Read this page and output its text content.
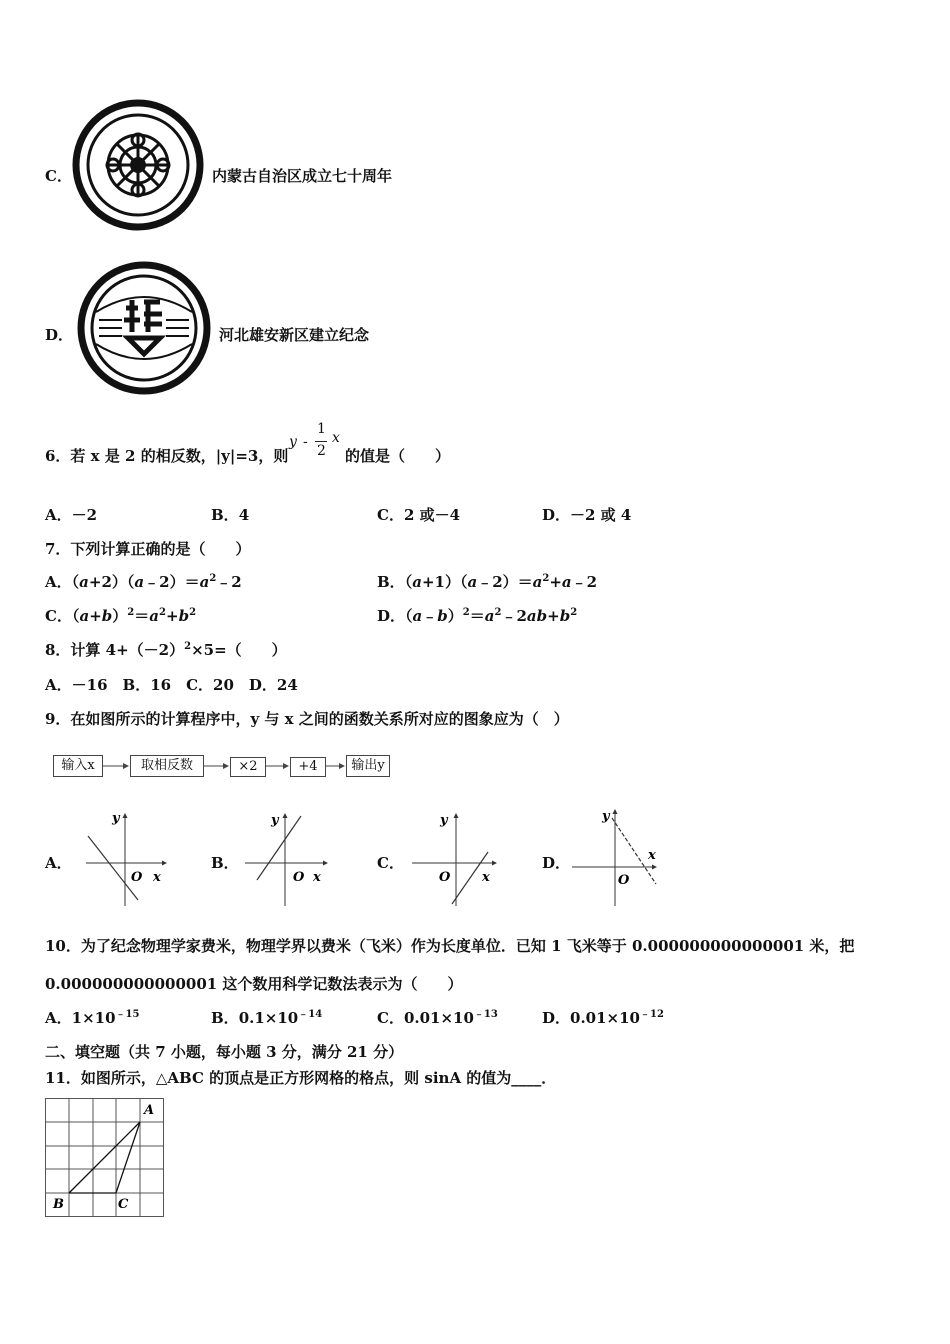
C．	内蒙古自治区成立七十周年
D．	河北雄安新区建立纪念
6．若 x 是 2 的相反数，|y|=3，则
y -
1
2
x
的值是（　　）
A．－2	B．4	C．2 或－4	D．－2 或 4
7．下列计算正确的是（　　）
A．$(a+2)(a﹣2)=a^2﹣2$	B．$(a+1)(a﹣2)=a^2+a﹣2$
C．$(a+b)^2=a^2+b^2$	D．$(a﹣b)^2=a^2﹣2ab+b^2$
8．计算 $4+(-2)^2\times 5=$（　　）
A．－16　B．16　C．20　D．24
9．在如图所示的计算程序中，y 与 x 之间的函数关系所对应的图象应为（　）
输入x	取相反数	×2	+4	输出y
A．
y
O x
B．
y
O x
C．
y
O x
D．
y
O
x
10．为了纪念物理学家费米，物理学界以费米（飞米）作为长度单位．已知 1 飞米等于 0.000000000000001 米，把
0.000000000000001 这个数用科学记数法表示为（　　）
A．$1\times 10^{﹣15}$	B．$0.1\times 10^{﹣14}$	C．$0.01\times 10^{﹣13}$	D．$0.01\times 10^{﹣12}$
二、填空题（共 7 小题，每小题 3 分，满分 21 分）
11．如图所示，△ABC 的顶点是正方形网格的格点，则 sinA 的值为____．
A
B	C
